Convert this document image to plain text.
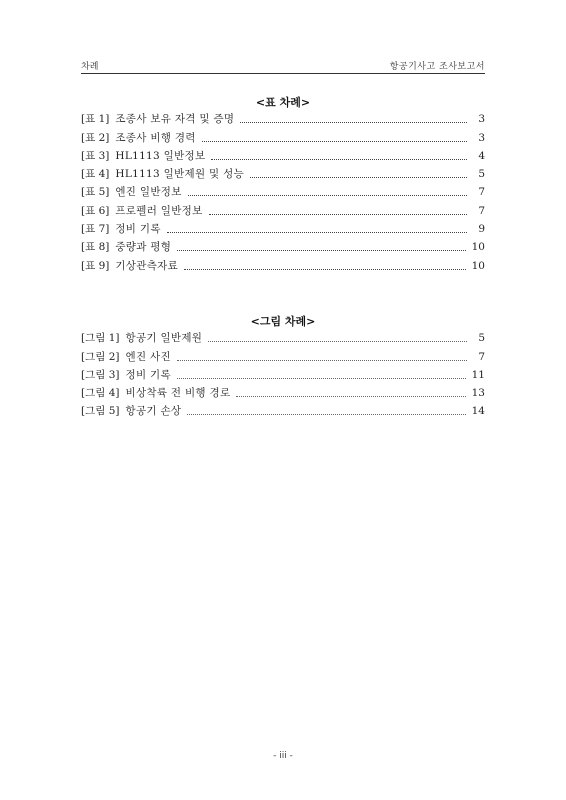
차례	항공기사고 조사보고서
<표 차례>
[표 1] 조종사 보유 자격 및 증명	3
[표 2] 조종사 비행 경력	3
[표 3] HL1113 일반정보	4
[표 4] HL1113 일반제원 및 성능	5
[표 5] 엔진 일반정보	7
[표 6] 프로펠러 일반정보	7
[표 7] 정비 기록	9
[표 8] 중량과 평형	10
[표 9] 기상관측자료	10
<그림 차례>
[그림 1] 항공기 일반제원	5
[그림 2] 엔진 사진	7
[그림 3] 정비 기록	11
[그림 4] 비상착륙 전 비행 경로	13
[그림 5] 항공기 손상	14
- iii -
